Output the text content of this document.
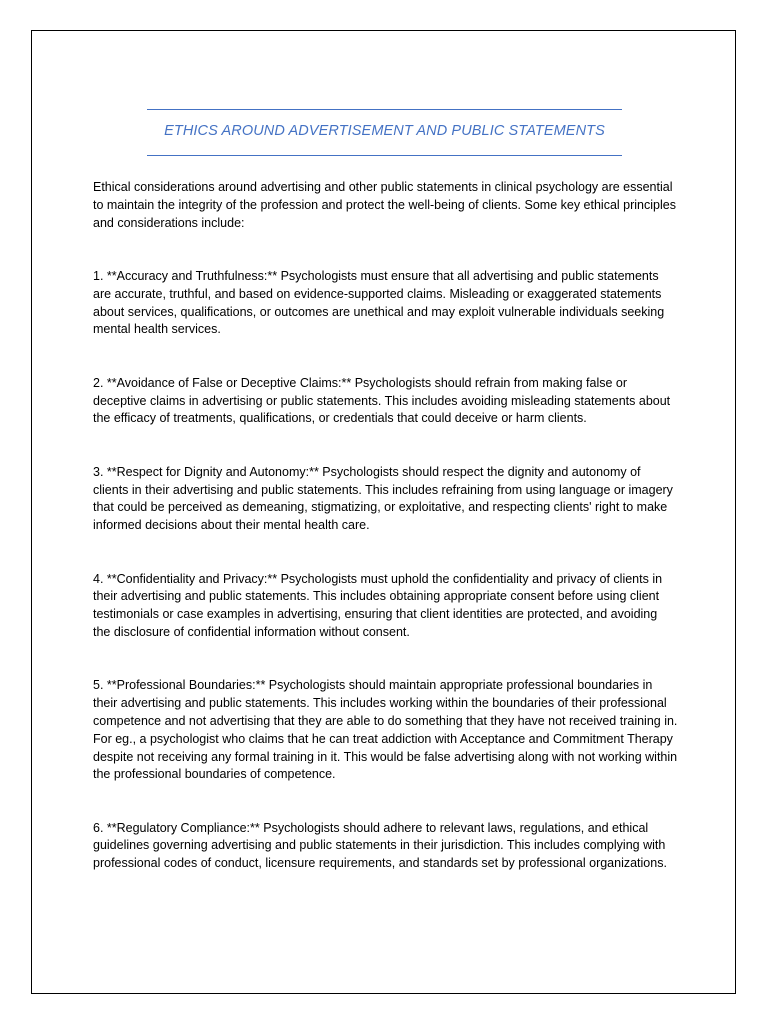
ETHICS AROUND ADVERTISEMENT AND PUBLIC STATEMENTS

Ethical considerations around advertising and other public statements in clinical psychology are essential to maintain the integrity of the profession and protect the well-being of clients. Some key ethical principles and considerations include:

1. **Accuracy and Truthfulness:** Psychologists must ensure that all advertising and public statements are accurate, truthful, and based on evidence-supported claims. Misleading or exaggerated statements about services, qualifications, or outcomes are unethical and may exploit vulnerable individuals seeking mental health services.

2. **Avoidance of False or Deceptive Claims:** Psychologists should refrain from making false or deceptive claims in advertising or public statements. This includes avoiding misleading statements about the efficacy of treatments, qualifications, or credentials that could deceive or harm clients.

3. **Respect for Dignity and Autonomy:** Psychologists should respect the dignity and autonomy of clients in their advertising and public statements. This includes refraining from using language or imagery that could be perceived as demeaning, stigmatizing, or exploitative, and respecting clients' right to make informed decisions about their mental health care.

4. **Confidentiality and Privacy:** Psychologists must uphold the confidentiality and privacy of clients in their advertising and public statements. This includes obtaining appropriate consent before using client testimonials or case examples in advertising, ensuring that client identities are protected, and avoiding the disclosure of confidential information without consent.

5. **Professional Boundaries:** Psychologists should maintain appropriate professional boundaries in their advertising and public statements. This includes working within the boundaries of their professional competence and not advertising that they are able to do something that they have not received training in. For eg., a psychologist who claims that he can treat addiction with Acceptance and Commitment Therapy despite not receiving any formal training in it. This would be false advertising along with not working within the professional boundaries of competence.

6. **Regulatory Compliance:** Psychologists should adhere to relevant laws, regulations, and ethical guidelines governing advertising and public statements in their jurisdiction. This includes complying with professional codes of conduct, licensure requirements, and standards set by professional organizations.
